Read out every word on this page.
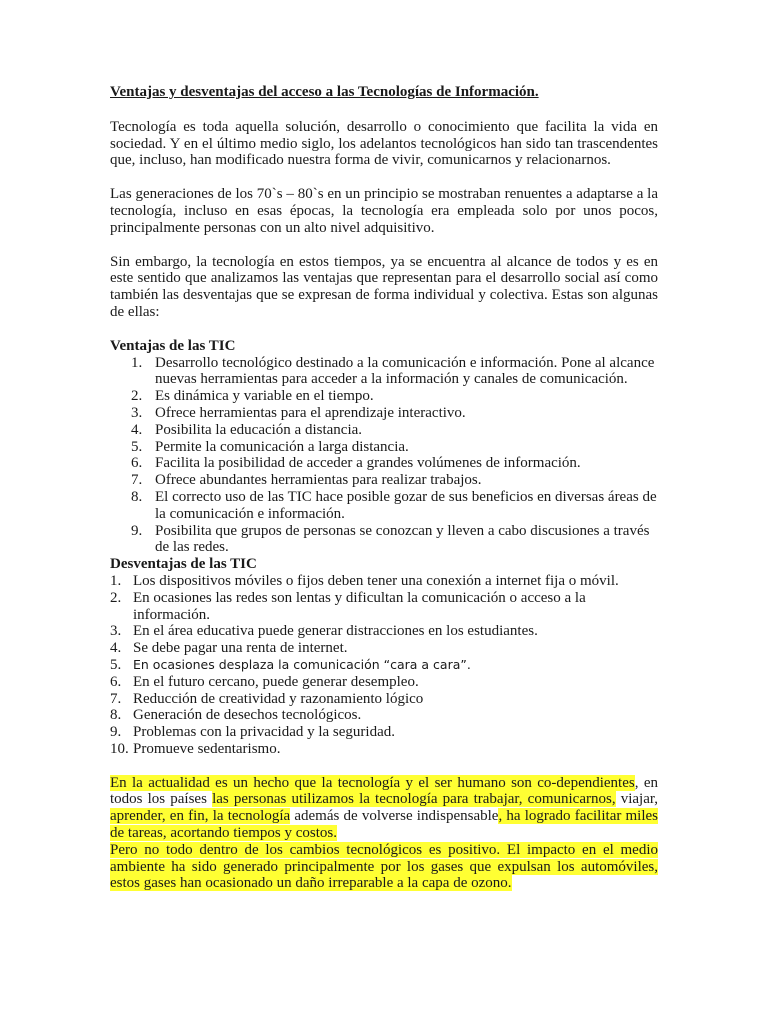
Ventajas y desventajas del acceso a las Tecnologías de Información.

Tecnología es toda aquella solución, desarrollo o conocimiento que facilita la vida en sociedad. Y en el último medio siglo, los adelantos tecnológicos han sido tan trascendentes que, incluso, han modificado nuestra forma de vivir, comunicarnos y relacionarnos.

Las generaciones de los 70`s – 80`s en un principio se mostraban renuentes a adaptarse a la tecnología, incluso en esas épocas, la tecnología era empleada solo por unos pocos, principalmente personas con un alto nivel adquisitivo.

Sin embargo, la tecnología en estos tiempos, ya se encuentra al alcance de todos y es en este sentido que analizamos las ventajas que representan para el desarrollo social así como también las desventajas que se expresan de forma individual y colectiva. Estas son algunas de ellas:

Ventajas de las TIC
1. Desarrollo tecnológico destinado a la comunicación e información. Pone al alcance nuevas herramientas para acceder a la información y canales de comunicación.
2. Es dinámica y variable en el tiempo.
3. Ofrece herramientas para el aprendizaje interactivo.
4. Posibilita la educación a distancia.
5. Permite la comunicación a larga distancia.
6. Facilita la posibilidad de acceder a grandes volúmenes de información.
7. Ofrece abundantes herramientas para realizar trabajos.
8. El correcto uso de las TIC hace posible gozar de sus beneficios en diversas áreas de la comunicación e información.
9. Posibilita que grupos de personas se conozcan y lleven a cabo discusiones a través de las redes.
Desventajas de las TIC
1. Los dispositivos móviles o fijos deben tener una conexión a internet fija o móvil.
2. En ocasiones las redes son lentas y dificultan la comunicación o acceso a la información.
3. En el área educativa puede generar distracciones en los estudiantes.
4. Se debe pagar una renta de internet.
5. En ocasiones desplaza la comunicación “cara a cara”.
6. En el futuro cercano, puede generar desempleo.
7. Reducción de creatividad y razonamiento lógico
8. Generación de desechos tecnológicos.
9. Problemas con la privacidad y la seguridad.
10. Promueve sedentarismo.

En la actualidad es un hecho que la tecnología y el ser humano son co-dependientes, en todos los países las personas utilizamos la tecnología para trabajar, comunicarnos, viajar, aprender, en fin, la tecnología además de volverse indispensable, ha logrado facilitar miles de tareas, acortando tiempos y costos.

Pero no todo dentro de los cambios tecnológicos es positivo. El impacto en el medio ambiente ha sido generado principalmente por los gases que expulsan los automóviles, estos gases han ocasionado un daño irreparable a la capa de ozono.
